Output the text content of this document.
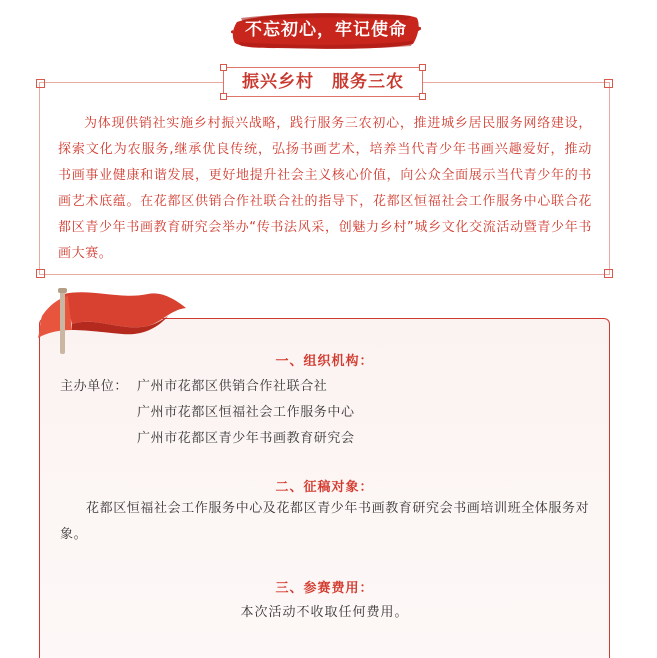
不忘初心，牢记使命
振兴乡村　服务三农

为体现供销社实施乡村振兴战略，践行服务三农初心，推进城乡居民服务网络建设，探索文化为农服务,继承优良传统，弘扬书画艺术，培养当代青少年书画兴趣爱好，推动书画事业健康和谐发展，更好地提升社会主义核心价值，向公众全面展示当代青少年的书画艺术底蕴。在花都区供销合作社联合社的指导下，花都区恒福社会工作服务中心联合花都区青少年书画教育研究会举办“传书法风采，创魅力乡村”城乡文化交流活动暨青少年书画大赛。

一、组织机构：
主办单位： 广州市花都区供销合作社联合社
广州市花都区恒福社会工作服务中心
广州市花都区青少年书画教育研究会
二、征稿对象：

花都区恒福社会工作服务中心及花都区青少年书画教育研究会书画培训班全体服务对象。

三、参赛费用：
本次活动不收取任何费用。
